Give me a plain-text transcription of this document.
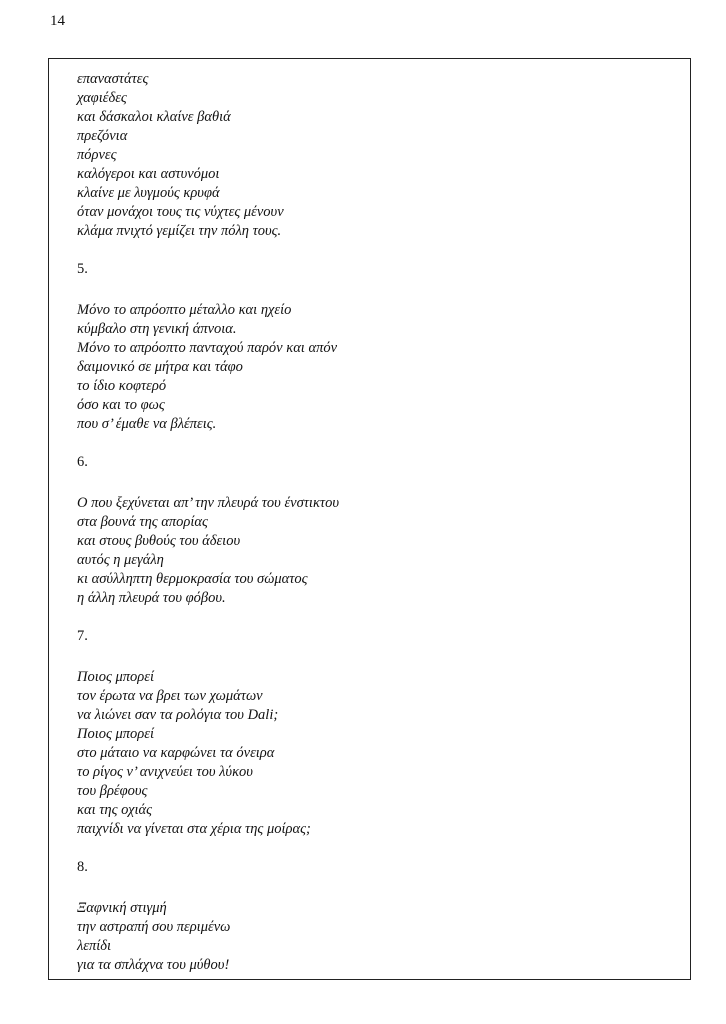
14
επαναστάτες
χαφιέδες
και δάσκαλοι κλαίνε βαθιά
πρεζόνια
πόρνες
καλόγεροι και αστυνόμοι
κλαίνε με λυγμούς κρυφά
όταν μονάχοι τους τις νύχτες μένουν
κλάμα πνιχτό γεμίζει την πόλη τους.
5.
Μόνο το απρόοπτο μέταλλο και ηχείο
κύμβαλο στη γενική άπνοια.
Μόνο το απρόοπτο πανταχού παρόν και απόν
δαιμονικό σε μήτρα και τάφο
το ίδιο κοφτερό
όσο και το φως
που σ’ έμαθε να βλέπεις.
6.
Ο που ξεχύνεται απ’ την πλευρά του ένστικτου
στα βουνά της απορίας
και στους βυθούς του άδειου
αυτός η μεγάλη
κι ασύλληπτη θερμοκρασία του σώματος
η άλλη πλευρά του φόβου.
7.
Ποιος μπορεί
τον έρωτα να βρει των χωμάτων
να λιώνει σαν τα ρολόγια του Dali;
Ποιος μπορεί
στο μάταιο να καρφώνει τα όνειρα
το ρίγος ν’ ανιχνεύει του λύκου
του βρέφους
και της οχιάς
παιχνίδι να γίνεται στα χέρια της μοίρας;
8.
Ξαφνική στιγμή
την αστραπή σου περιμένω
λεπίδι
για τα σπλάχνα του μύθου!
